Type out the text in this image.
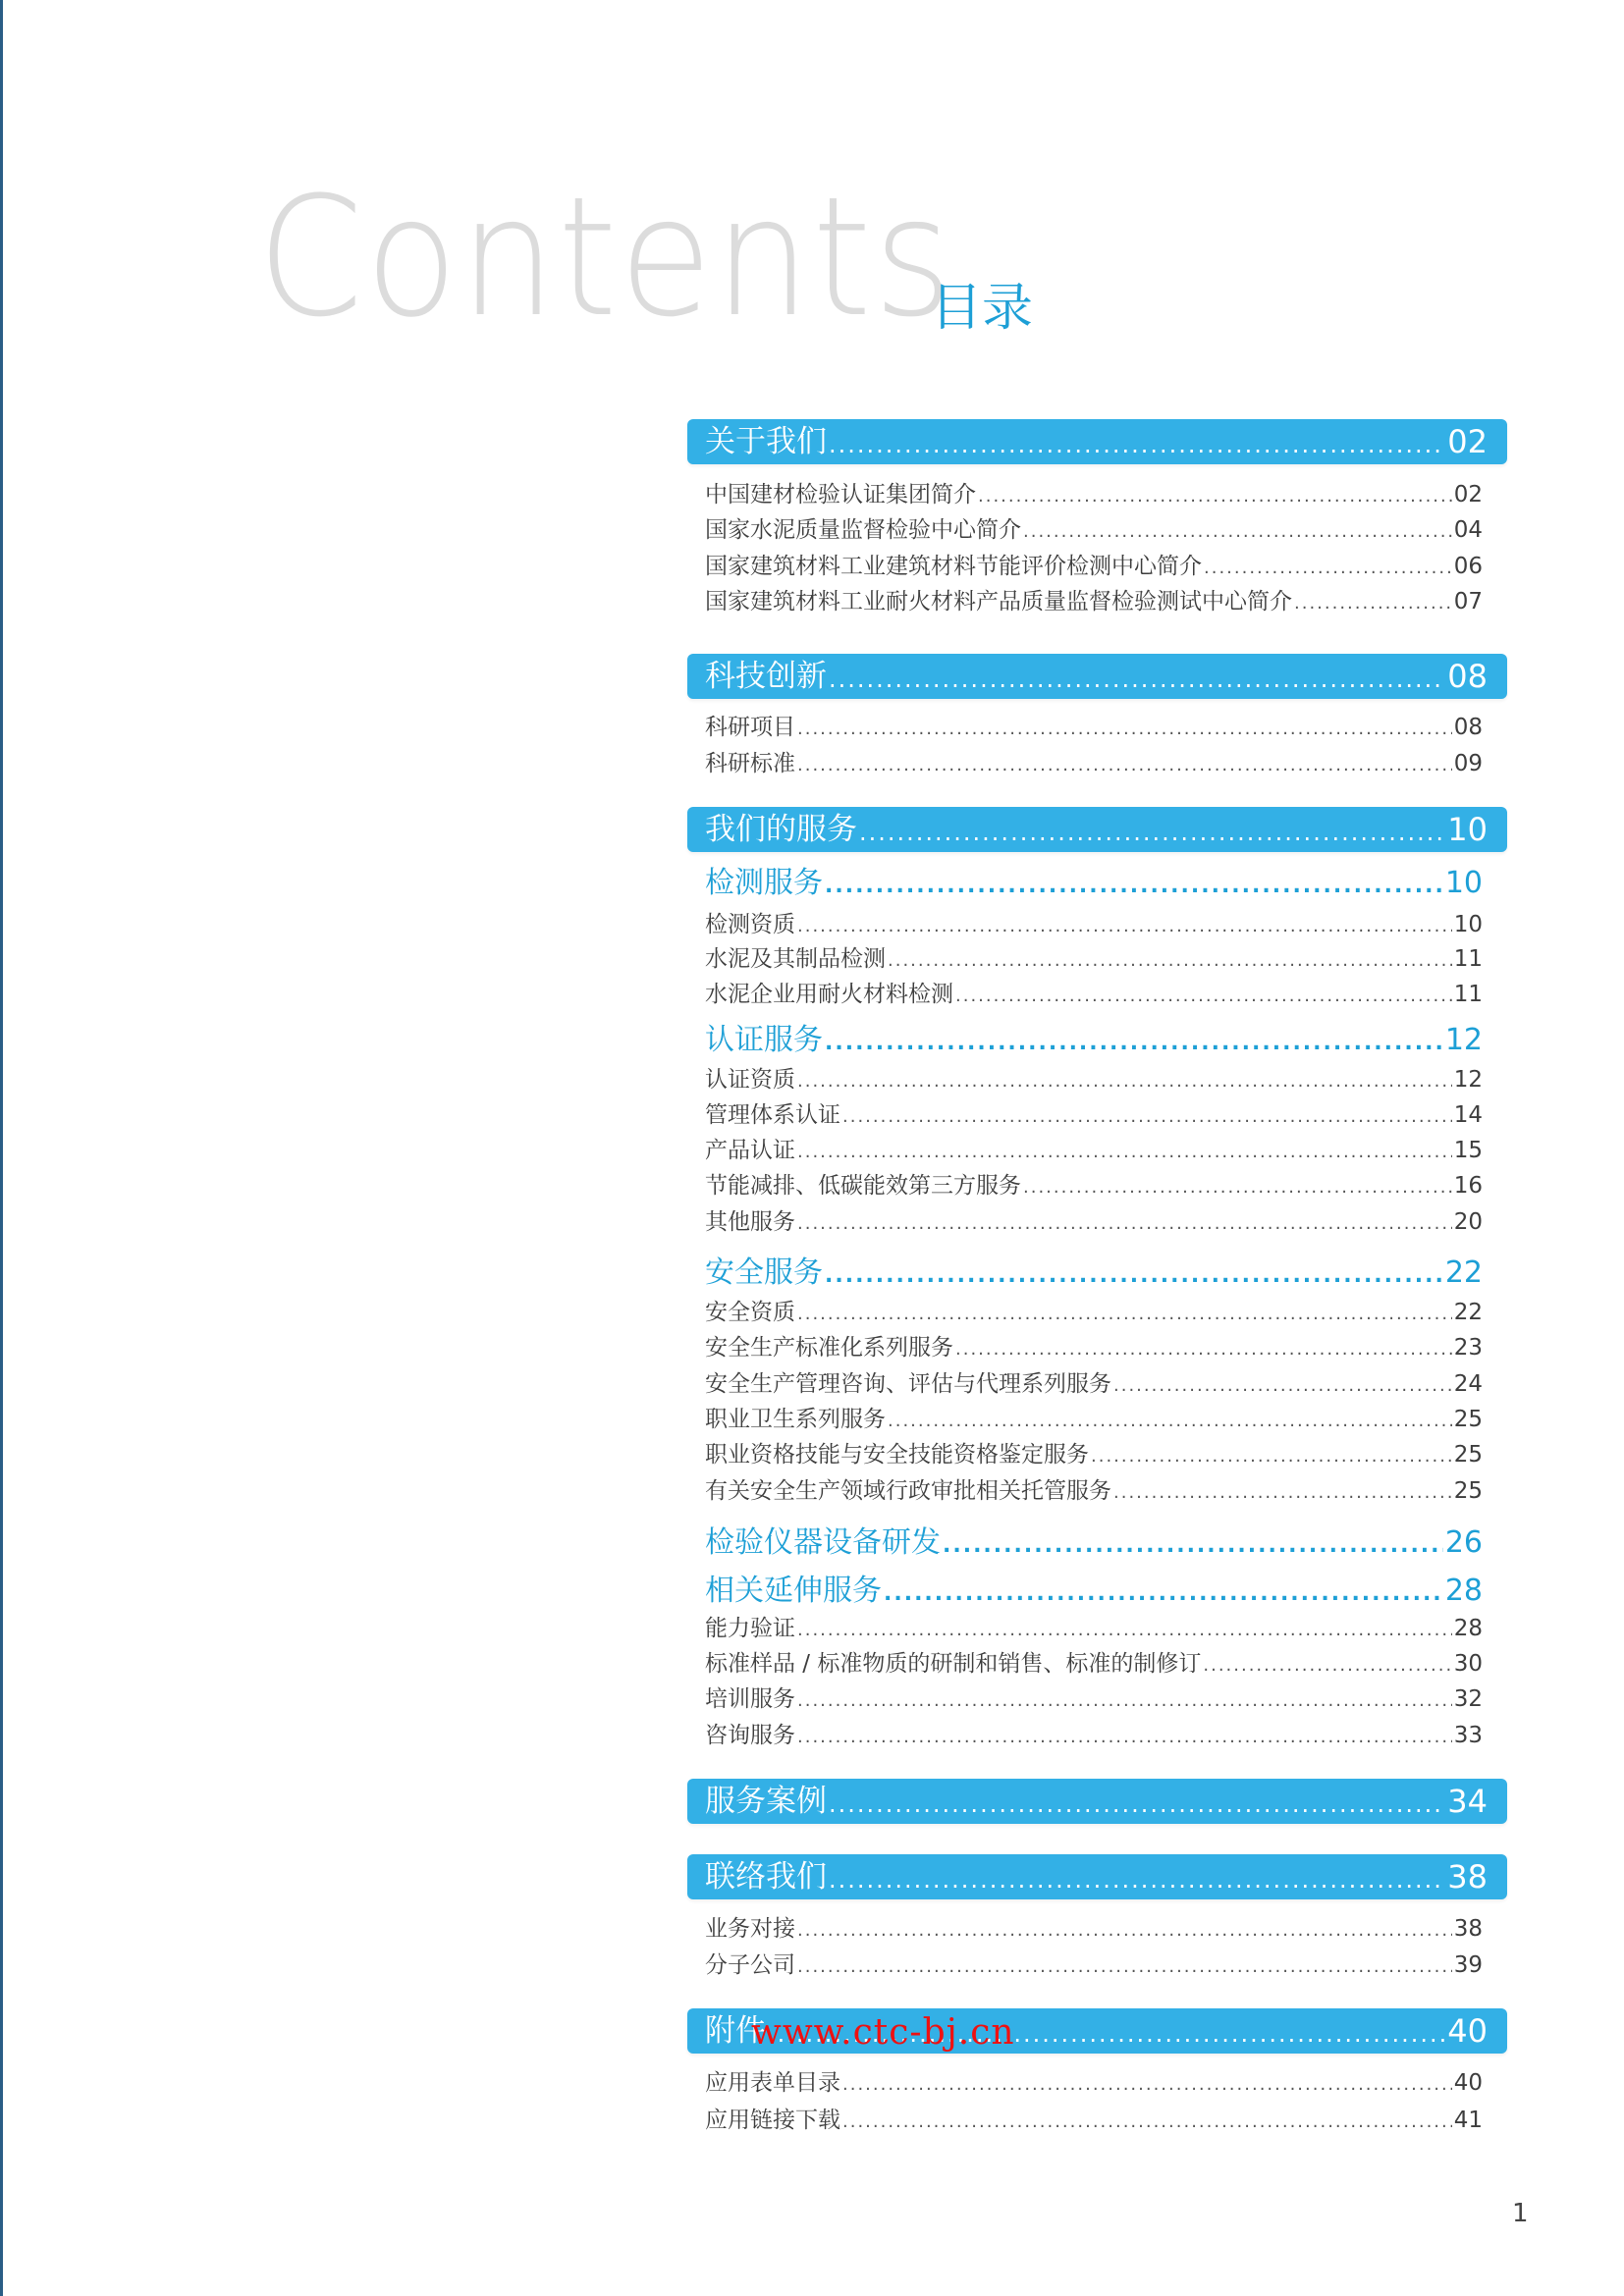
Contents
目录
关于我们 .....	02
中国建材检验认证集团简介 .....	02
国家水泥质量监督检验中心简介 .....	04
国家建筑材料工业建筑材料节能评价检测中心简介 .....	06
国家建筑材料工业耐火材料产品质量监督检验测试中心简介 .....	07
科技创新 .....	08
科研项目 .....	08
科研标准 .....	09
我们的服务 .....	10
检测服务 .....	10
检测资质 .....	10
水泥及其制品检测 .....	11
水泥企业用耐火材料检测 .....	11
认证服务 .....	12
认证资质 .....	12
管理体系认证 .....	14
产品认证 .....	15
节能减排、低碳能效第三方服务 .....	16
其他服务 .....	20
安全服务 .....	22
安全资质 .....	22
安全生产标准化系列服务 .....	23
安全生产管理咨询、评估与代理系列服务 .....	24
职业卫生系列服务 .....	25
职业资格技能与安全技能资格鉴定服务 .....	25
有关安全生产领域行政审批相关托管服务 .....	25
检验仪器设备研发 .....	26
相关延伸服务 .....	28
能力验证 .....	28
标准样品 / 标准物质的研制和销售、标准的制修订 .....	30
培训服务 .....	32
咨询服务 .....	33
服务案例 .....	34
联络我们 .....	38
业务对接 .....	38
分子公司 .....	39
附件 .....	40
应用表单目录 .....	40
应用链接下载 .....	41
www.ctc-bj.cn
1
